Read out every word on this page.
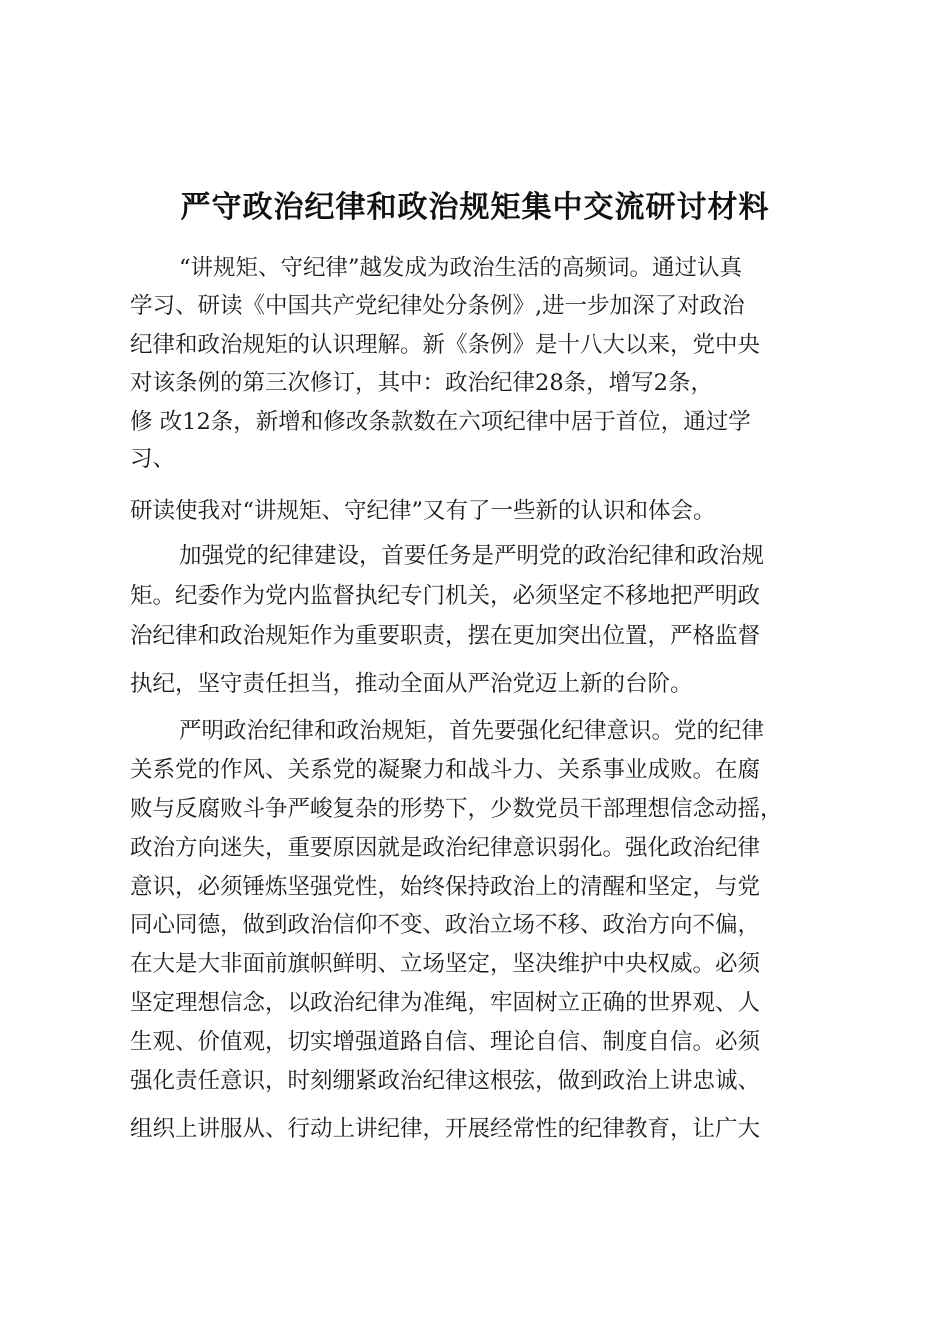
严守政治纪律和政治规矩集中交流研讨材料
“讲规矩、守纪律”越发成为政治生活的高频词。通过认真
学习、研读《中国共产党纪律处分条例》,进一步加深了对政治
纪律和政治规矩的认识理解。新《条例》是十八大以来，党中央
对该条例的第三次修订，其中：政治纪律28条，增写2条，
修 改12条，新增和修改条款数在六项纪律中居于首位，通过学
习、
研读使我对“讲规矩、守纪律”又有了一些新的认识和体会。
加强党的纪律建设，首要任务是严明党的政治纪律和政治规
矩。纪委作为党内监督执纪专门机关，必须坚定不移地把严明政
治纪律和政治规矩作为重要职责，摆在更加突出位置，严格监督
执纪，坚守责任担当，推动全面从严治党迈上新的台阶。
严明政治纪律和政治规矩，首先要强化纪律意识。党的纪律
关系党的作风、关系党的凝聚力和战斗力、关系事业成败。在腐
败与反腐败斗争严峻复杂的形势下，少数党员干部理想信念动摇，
政治方向迷失，重要原因就是政治纪律意识弱化。强化政治纪律
意识，必须锤炼坚强党性，始终保持政治上的清醒和坚定，与党
同心同德，做到政治信仰不变、政治立场不移、政治方向不偏，
在大是大非面前旗帜鲜明、立场坚定，坚决维护中央权威。必须
坚定理想信念，以政治纪律为准绳，牢固树立正确的世界观、人
生观、价值观，切实增强道路自信、理论自信、制度自信。必须
强化责任意识，时刻绷紧政治纪律这根弦，做到政治上讲忠诚、
组织上讲服从、行动上讲纪律，开展经常性的纪律教育，让广大
